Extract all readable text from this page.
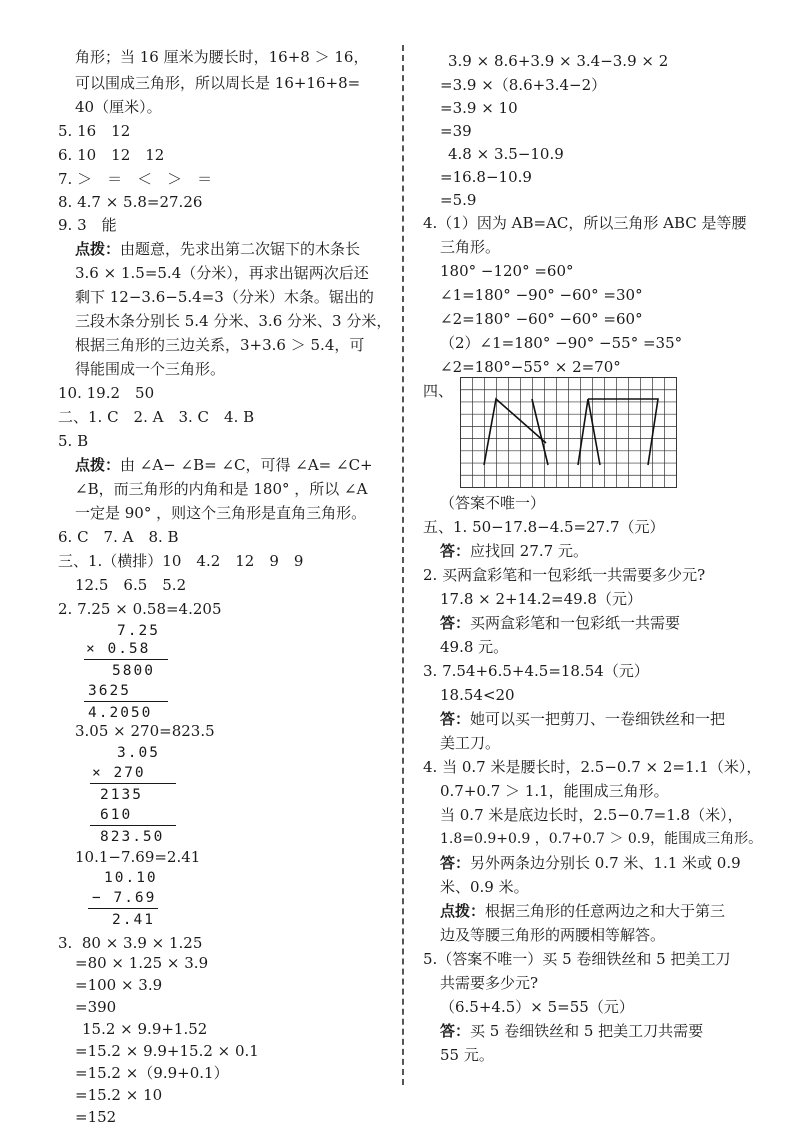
角形；当 16 厘米为腰长时，16+8 ＞ 16，
可以围成三角形，所以周长是 16+16+8=
40（厘米）。
5. 16　12
6. 10　12　12
7. ＞　＝　＜　＞　＝
8. 4.7 × 5.8=27.26
9. 3　能
点拨：由题意，先求出第二次锯下的木条长
3.6 × 1.5=5.4（分米），再求出锯两次后还
剩下 12−3.6−5.4=3（分米）木条。锯出的
三段木条分别长 5.4 分米、3.6 分米、3 分米，
根据三角形的三边关系，3+3.6 ＞ 5.4，可
得能围成一个三角形。
10. 19.2　50
二、1. C　2. A　3. C　4. B
5. B
点拨：由 ∠A− ∠B= ∠C，可得 ∠A= ∠C+
∠B，而三角形的内角和是 180° ，所以 ∠A
一定是 90° ，则这个三角形是直角三角形。
6. C　7. A　8. B
三、1.（横排）10　4.2　12　9　9
12.5　6.5　5.2
2. 7.25 × 0.58=4.205
7.25
× 0.58
5800
3625
4.2050
3.05 × 270=823.5
3.05
× 270
2135
610
823.50
10.1−7.69=2.41
10.10
− 7.69
2.41
3.  80 × 3.9 × 1.25
=80 × 1.25 × 3.9
=100 × 3.9
=390
15.2 × 9.9+1.52
=15.2 × 9.9+15.2 × 0.1
=15.2 ×（9.9+0.1）
=152
3.9 × 8.6+3.9 × 3.4−3.9 × 2
=3.9 ×（8.6+3.4−2）
=3.9 × 10
=39
4.8 × 3.5−10.9
=16.8−10.9
=5.9
4.（1）因为 AB=AC，所以三角形 ABC 是等腰
三角形。
180° −120° =60°
∠1=180° −90° −60° =30°
∠2=180° −60° −60° =60°
（2）∠1=180° −90° −55° =35°
∠2=180°−55° × 2=70°
四、
（答案不唯一）
五、1. 50−17.8−4.5=27.7（元）
答：应找回 27.7 元。
2. 买两盒彩笔和一包彩纸一共需要多少元?
17.8 × 2+14.2=49.8（元）
答：买两盒彩笔和一包彩纸一共需要
49.8 元。
3. 7.54+6.5+4.5=18.54（元）
18.54<20
答：她可以买一把剪刀、一卷细铁丝和一把
美工刀。
4. 当 0.7 米是腰长时，2.5−0.7 × 2=1.1（米），
0.7+0.7 ＞ 1.1，能围成三角形。
当 0.7 米是底边长时，2.5−0.7=1.8（米），
1.8=0.9+0.9 ，0.7+0.7 ＞ 0.9，能围成三角形。
答：另外两条边分别长 0.7 米、1.1 米或 0.9
米、0.9 米。
点拨：根据三角形的任意两边之和大于第三
边及等腰三角形的两腰相等解答。
5.（答案不唯一）买 5 卷细铁丝和 5 把美工刀
共需要多少元?
（6.5+4.5）× 5=55（元）
答：买 5 卷细铁丝和 5 把美工刀共需要
55 元。
=15.2 × 10
